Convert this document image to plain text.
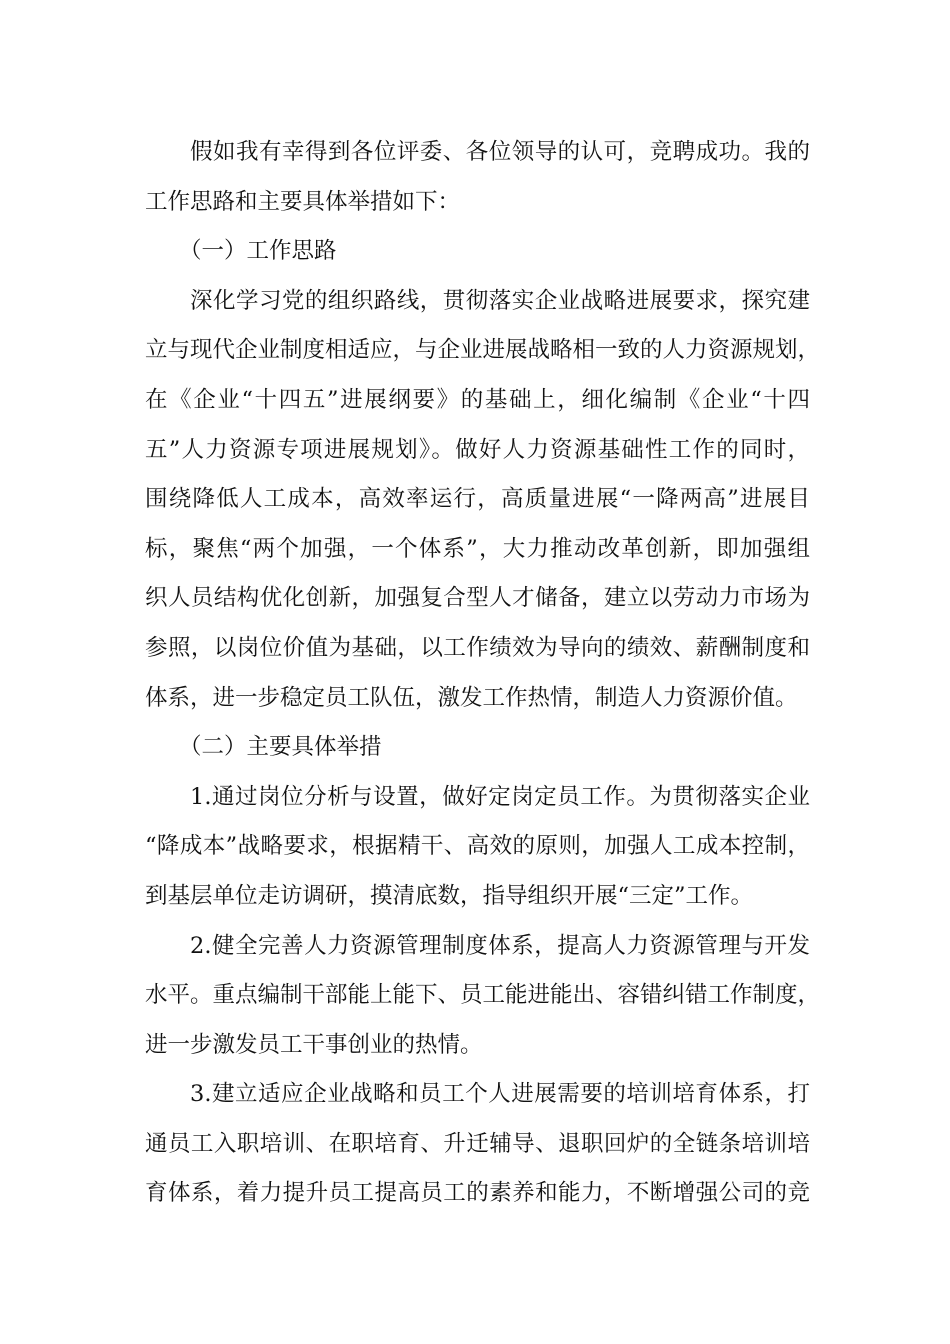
假如我有幸得到各位评委、各位领导的认可，竞聘成功。我的
工作思路和主要具体举措如下：

（一）工作思路

深化学习党的组织路线，贯彻落实企业战略进展要求，探究建
立与现代企业制度相适应，与企业进展战略相一致的人力资源规划，
在《企业“十四五”进展纲要》的基础上，细化编制《企业“十四
五”人力资源专项进展规划》。做好人力资源基础性工作的同时，
围绕降低人工成本，高效率运行，高质量进展“一降两高”进展目
标，聚焦“两个加强，一个体系”，大力推动改革创新，即加强组
织人员结构优化创新，加强复合型人才储备，建立以劳动力市场为
参照，以岗位价值为基础，以工作绩效为导向的绩效、薪酬制度和
体系，进一步稳定员工队伍，激发工作热情，制造人力资源价值。

（二）主要具体举措

1.通过岗位分析与设置，做好定岗定员工作。为贯彻落实企业
“降成本”战略要求，根据精干、高效的原则，加强人工成本控制，
到基层单位走访调研，摸清底数，指导组织开展“三定”工作。

2.健全完善人力资源管理制度体系，提高人力资源管理与开发
水平。重点编制干部能上能下、员工能进能出、容错纠错工作制度，
进一步激发员工干事创业的热情。

3.建立适应企业战略和员工个人进展需要的培训培育体系，打
通员工入职培训、在职培育、升迁辅导、退职回炉的全链条培训培
育体系，着力提升员工提高员工的素养和能力，不断增强公司的竞
